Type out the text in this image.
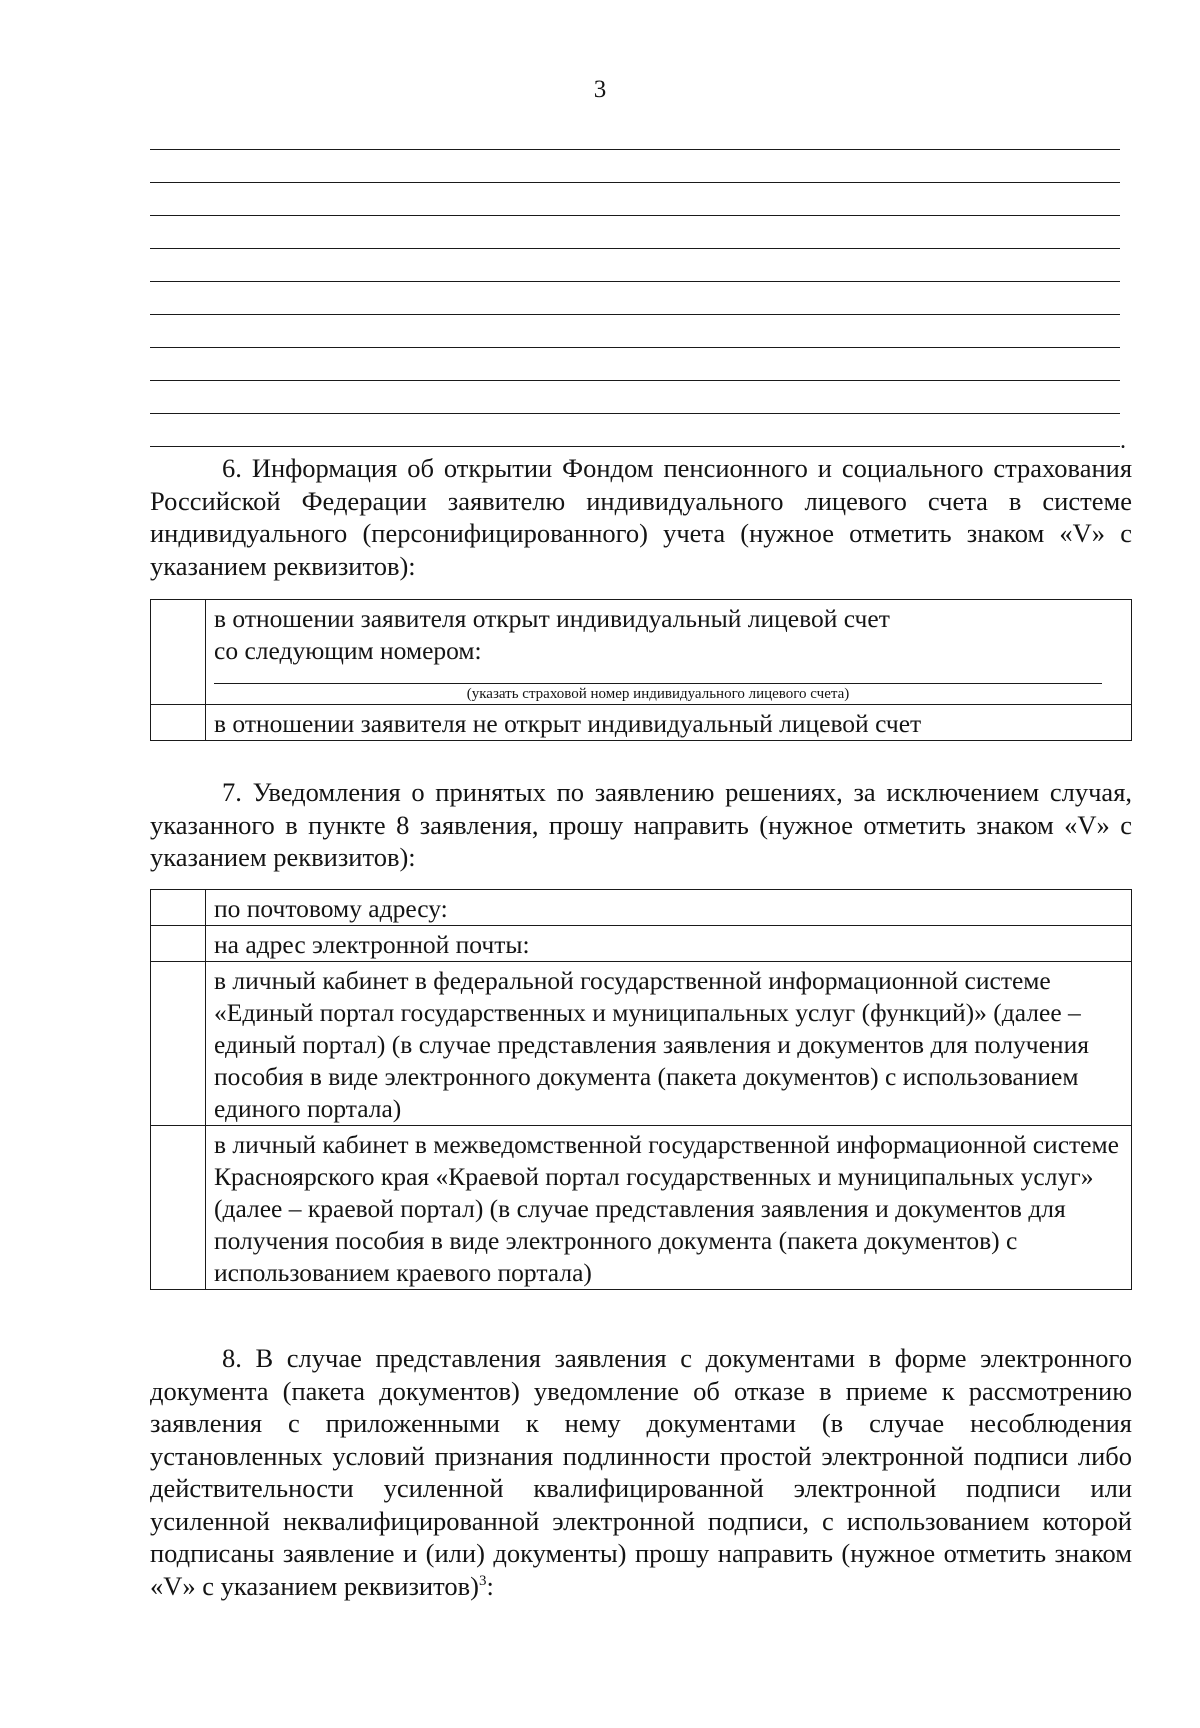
3
.
6. Информация об открытии Фондом пенсионного и социального страхования Российской Федерации заявителю индивидуального лицевого счета в системе индивидуального (персонифицированного) учета (нужное отметить знаком «V» с указанием реквизитов):

	в отношении заявителя открыт индивидуальный лицевой счет
со следующим номером:
(указать страховой номер индивидуального лицевого счета)

	в отношении заявителя не открыт индивидуальный лицевой счет
7. Уведомления о принятых по заявлению решениях, за исключением случая, указанного в пункте 8 заявления, прошу направить (нужное отметить знаком «V» с указанием реквизитов):
	по почтовому адресу:
	на адрес электронной почты:
	в личный кабинет в федеральной государственной информационной системе «Единый портал государственных и муниципальных услуг (функций)» (далее – единый портал) (в случае представления заявления и документов для получения пособия в виде электронного документа (пакета документов) с использованием единого портала)
	в личный кабинет в межведомственной государственной информационной системе Красноярского края «Краевой портал государственных и муниципальных услуг» (далее – краевой портал) (в случае представления заявления и документов для получения пособия в виде электронного документа (пакета документов) с использованием краевого портала)
8. В случае представления заявления с документами в форме электронного документа (пакета документов) уведомление об отказе в приеме к рассмотрению заявления с приложенными к нему документами (в случае несоблюдения установленных условий признания подлинности простой электронной подписи либо действительности усиленной квалифицированной электронной подписи или усиленной неквалифицированной электронной подписи, с использованием которой подписаны заявление и (или) документы) прошу направить (нужное отметить знаком «V» с указанием реквизитов)$^3$:
